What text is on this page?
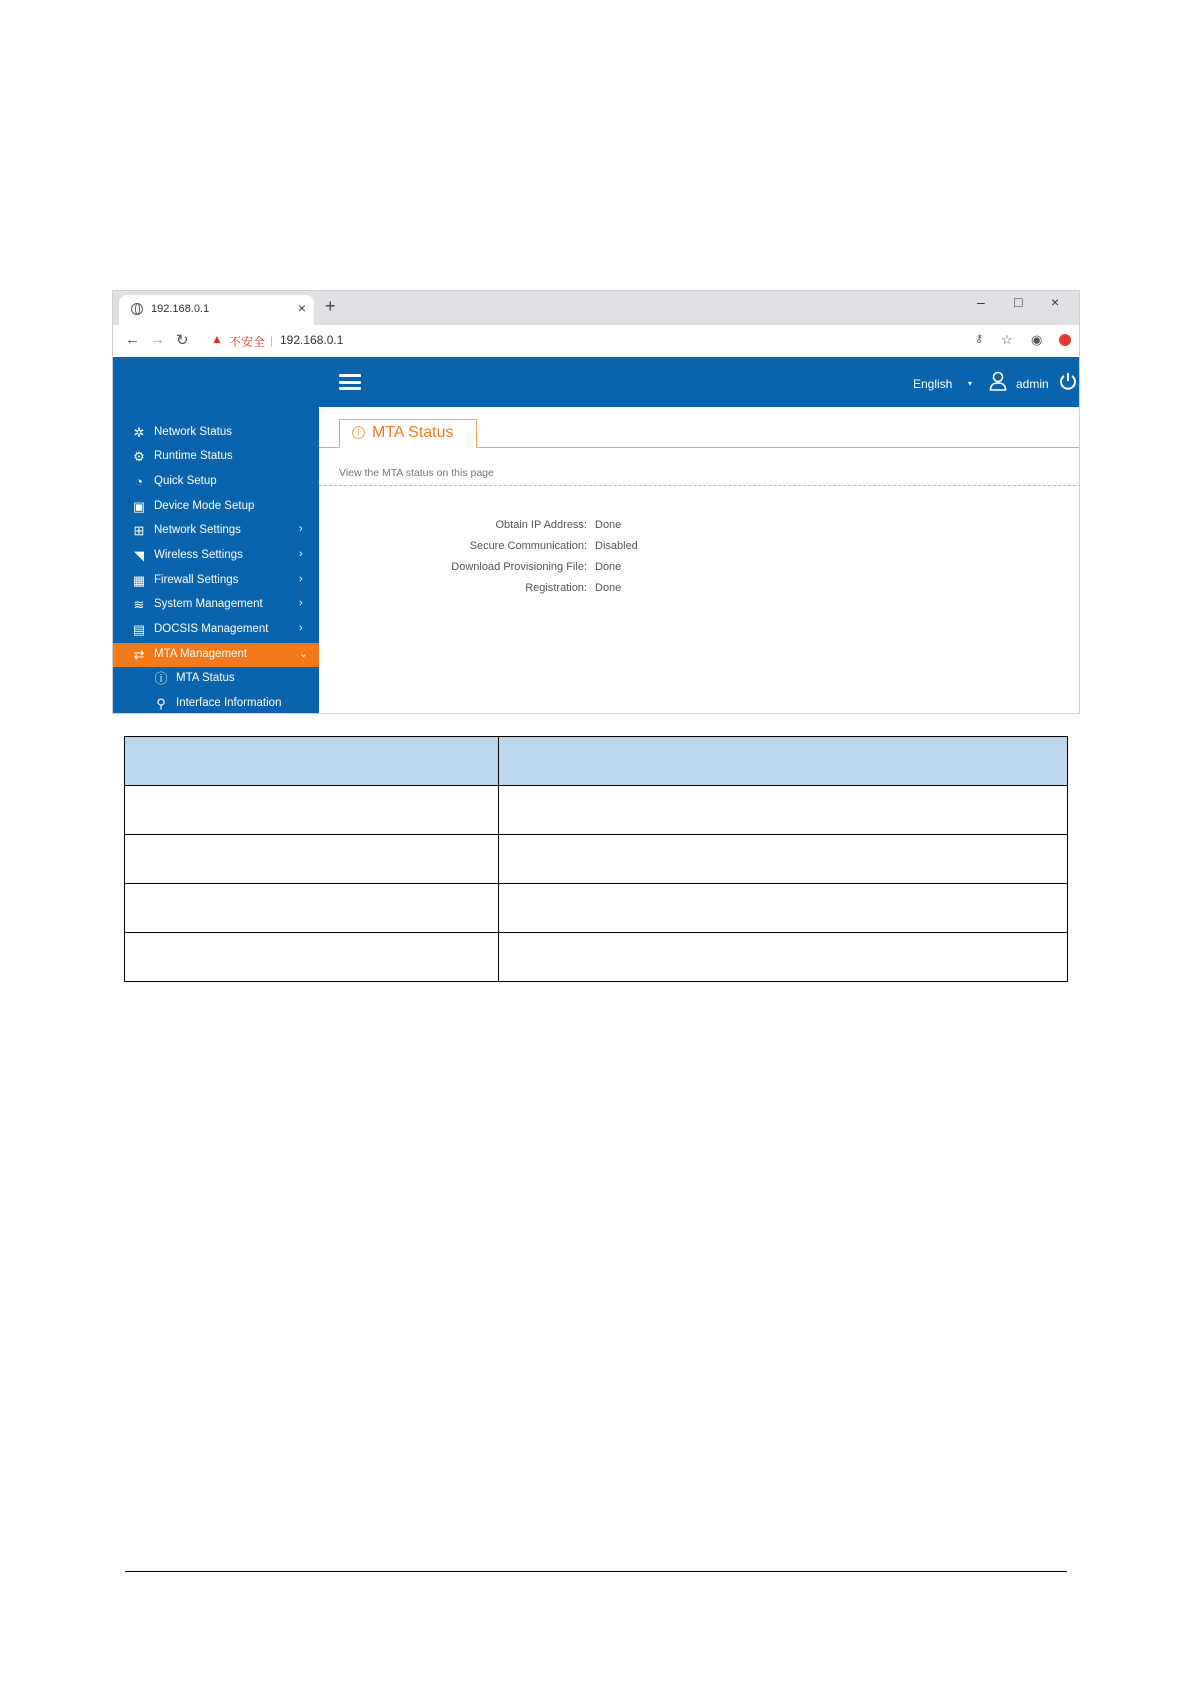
192.168.0.1	× +	– □ ×
← → ↻ ▲ 不安全 | 192.168.0.1	⚷ ☆ ◉
English ▾	admin
✲ Network Status
⚙ Runtime Status
◔ Quick Setup
▣ Device Mode Setup
⊞ Network Settings	›
◥ Wireless Settings	›
▦ Firewall Settings	›
≋ System Management	›
▤ DOCSIS Management	›
⇄ MTA Management	⌄
ⓘ MTA Status
⚲ Interface Information
i MTA Status
View the MTA status on this page
Obtain IP Address: Done
Secure Communication: Disabled
Download Provisioning File: Done
Registration: Done
